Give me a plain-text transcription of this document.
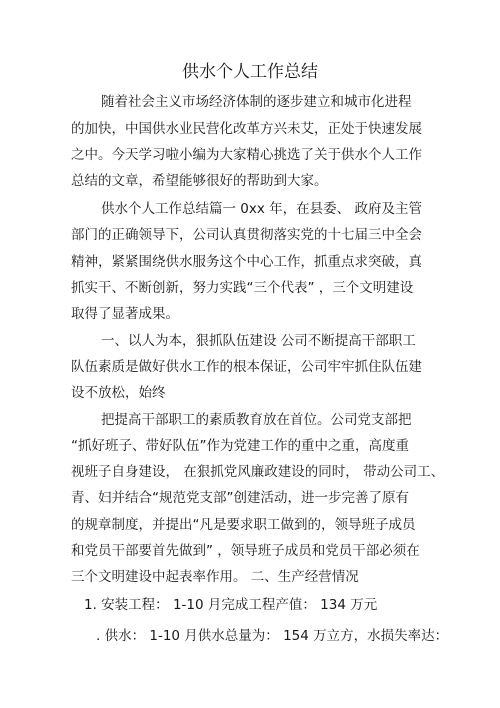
供水个人工作总结
随着社会主义市场经济体制的逐步建立和城市化进程
的加快，中国供水业民营化改革方兴未艾，正处于快速发展
之中。今天学习啦小编为大家精心挑选了关于供水个人工作
总结的文章，希望能够很好的帮助到大家。
供水个人工作总结篇一 0xx 年，在县委、 政府及主管
部门的正确领导下，公司认真贯彻落实党的十七届三中全会
精神，紧紧围绕供水服务这个中心工作，抓重点求突破，真
抓实干、不断创新，努力实践“三个代表” ，三个文明建设
取得了显著成果。
一、以人为本，狠抓队伍建设 公司不断提高干部职工
队伍素质是做好供水工作的根本保证，公司牢牢抓住队伍建
设不放松，始终
把提高干部职工的素质教育放在首位。公司党支部把
“抓好班子、带好队伍”作为党建工作的重中之重，高度重
视班子自身建设， 在狠抓党风廉政建设的同时， 带动公司工、
青、妇并结合“规范党支部”创建活动，进一步完善了原有
的规章制度，并提出“凡是要求职工做到的，领导班子成员
和党员干部要首先做到” ，领导班子成员和党员干部必须在
三个文明建设中起表率作用。 二、生产经营情况
1. 安装工程： 1-10 月完成工程产值： 134 万元
. 供水： 1-10 月供水总量为： 154 万立方，水损失率达：
